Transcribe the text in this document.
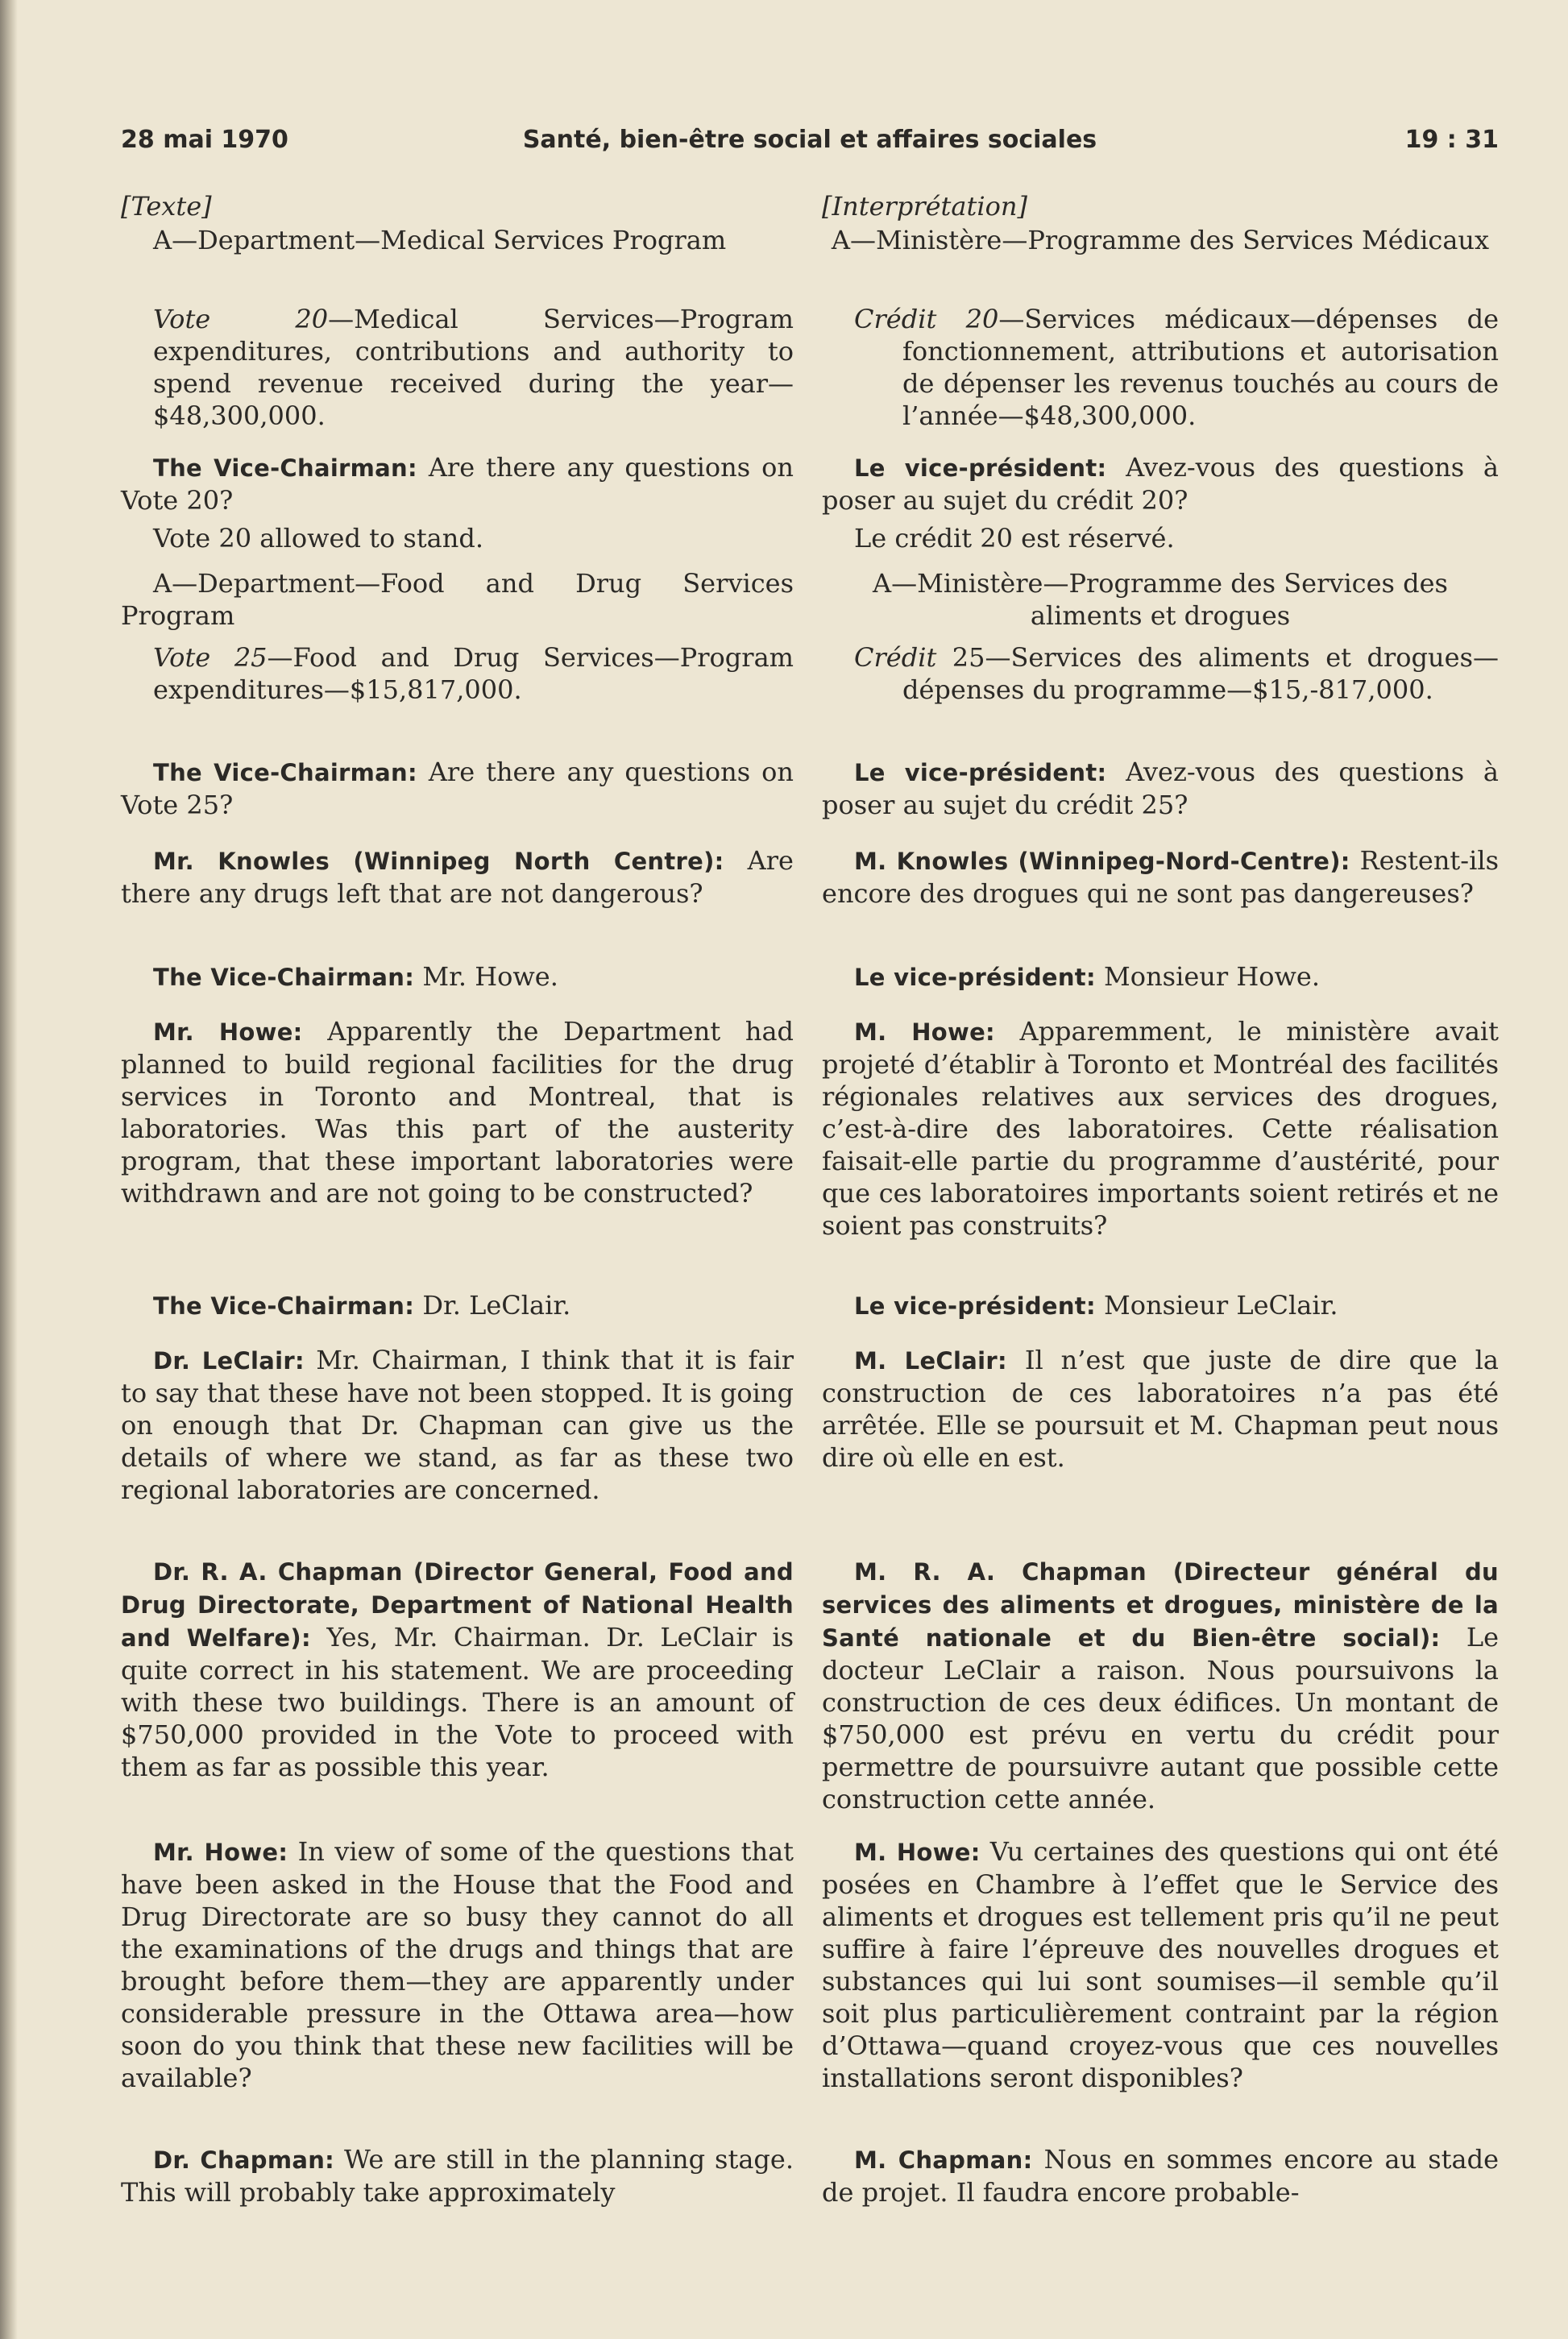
28 mai 1970	Santé, bien-être social et affaires sociales	19 : 31
[Texte]
A—Department—Medical Services Program
Vote 20—Medical Services—Program expenditures, contributions and authority to spend revenue received during the year—$48,300,000.
The Vice-Chairman: Are there any questions on Vote 20?
Vote 20 allowed to stand.
A—Department—Food and Drug Services Program
Vote 25—Food and Drug Services—Program expenditures—$15,817,000.
The Vice-Chairman: Are there any questions on Vote 25?
Mr. Knowles (Winnipeg North Centre): Are there any drugs left that are not dangerous?
The Vice-Chairman: Mr. Howe.
Mr. Howe: Apparently the Department had planned to build regional facilities for the drug services in Toronto and Montreal, that is laboratories. Was this part of the austerity program, that these important laboratories were withdrawn and are not going to be constructed?
The Vice-Chairman: Dr. LeClair.
Dr. LeClair: Mr. Chairman, I think that it is fair to say that these have not been stopped. It is going on enough that Dr. Chapman can give us the details of where we stand, as far as these two regional laboratories are concerned.
Dr. R. A. Chapman (Director General, Food and Drug Directorate, Department of National Health and Welfare): Yes, Mr. Chairman. Dr. LeClair is quite correct in his statement. We are proceeding with these two buildings. There is an amount of $750,000 provided in the Vote to proceed with them as far as possible this year.
Mr. Howe: In view of some of the questions that have been asked in the House that the Food and Drug Directorate are so busy they cannot do all the examinations of the drugs and things that are brought before them—they are apparently under considerable pressure in the Ottawa area—how soon do you think that these new facilities will be available?
Dr. Chapman: We are still in the planning stage. This will probably take approximately
[Interprétation]
A—Ministère—Programme des Services Médicaux
Crédit 20—Services médicaux—dépenses de fonctionnement, attributions et autorisation de dépenser les revenus touchés au cours de l’année—$48,300,000.
Le vice-président: Avez-vous des questions à poser au sujet du crédit 20?
Le crédit 20 est réservé.
A—Ministère—Programme des Services des aliments et drogues
Crédit 25—Services des aliments et drogues—dépenses du programme—$15,-817,000.
Le vice-président: Avez-vous des questions à poser au sujet du crédit 25?
M. Knowles (Winnipeg-Nord-Centre): Restent-ils encore des drogues qui ne sont pas dangereuses?
Le vice-président: Monsieur Howe.
M. Howe: Apparemment, le ministère avait projeté d’établir à Toronto et Montréal des facilités régionales relatives aux services des drogues, c’est-à-dire des laboratoires. Cette réalisation faisait-elle partie du programme d’austérité, pour que ces laboratoires importants soient retirés et ne soient pas construits?
Le vice-président: Monsieur LeClair.
M. LeClair: Il n’est que juste de dire que la construction de ces laboratoires n’a pas été arrêtée. Elle se poursuit et M. Chapman peut nous dire où elle en est.
M. R. A. Chapman (Directeur général du services des aliments et drogues, ministère de la Santé nationale et du Bien-être social): Le docteur LeClair a raison. Nous poursuivons la construction de ces deux édifices. Un montant de $750,000 est prévu en vertu du crédit pour permettre de poursuivre autant que possible cette construction cette année.
M. Howe: Vu certaines des questions qui ont été posées en Chambre à l’effet que le Service des aliments et drogues est tellement pris qu’il ne peut suffire à faire l’épreuve des nouvelles drogues et substances qui lui sont soumises—il semble qu’il soit plus particulièrement contraint par la région d’Ottawa—quand croyez-vous que ces nouvelles installations seront disponibles?
M. Chapman: Nous en sommes encore au stade de projet. Il faudra encore probable-
